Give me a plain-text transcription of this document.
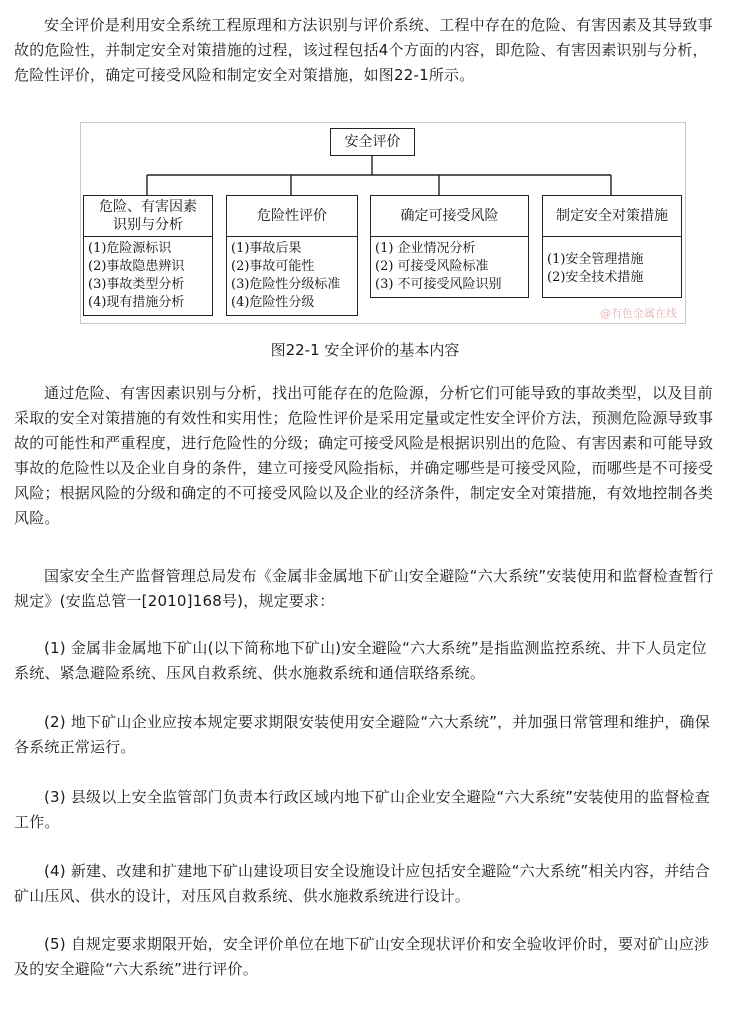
安全评价是利用安全系统工程原理和方法识别与评价系统、工程中存在的危险、有害因素及其导致事故的危险性，并制定安全对策措施的过程，该过程包括4个方面的内容，即危险、有害因素识别与分析，危险性评价，确定可接受风险和制定安全对策措施，如图22-1所示。

安全评价
危险、有害因素
识别与分析
(1)危险源标识
(2)事故隐患辨识
(3)事故类型分析
(4)现有措施分析
危险性评价
(1)事故后果
(2)事故可能性
(3)危险性分级标准
(4)危险性分级
确定可接受风险
(1) 企业情况分析
(2) 可接受风险标准
(3) 不可接受风险识别
制定安全对策措施
(1)安全管理措施
(2)安全技术措施
@有色金属在线
图22-1 安全评价的基本内容

通过危险、有害因素识别与分析，找出可能存在的危险源，分析它们可能导致的事故类型，以及目前采取的安全对策措施的有效性和实用性；危险性评价是采用定量或定性安全评价方法，预测危险源导致事故的可能性和严重程度，进行危险性的分级；确定可接受风险是根据识别出的危险、有害因素和可能导致事故的危险性以及企业自身的条件，建立可接受风险指标，并确定哪些是可接受风险，而哪些是不可接受风险；根据风险的分级和确定的不可接受风险以及企业的经济条件，制定安全对策措施，有效地控制各类风险。

国家安全生产监督管理总局发布《金属非金属地下矿山安全避险“六大系统”安装使用和监督检查暂行规定》(安监总管一[2010]168号)，规定要求：

(1) 金属非金属地下矿山(以下简称地下矿山)安全避险“六大系统”是指监测监控系统、井下人员定位系统、紧急避险系统、压风自救系统、供水施救系统和通信联络系统。

(2) 地下矿山企业应按本规定要求期限安装使用安全避险“六大系统”，并加强日常管理和维护，确保各系统正常运行。

(3) 县级以上安全监管部门负责本行政区域内地下矿山企业安全避险“六大系统”安装使用的监督检查工作。

(4) 新建、改建和扩建地下矿山建设项目安全设施设计应包括安全避险“六大系统”相关内容，并结合矿山压风、供水的设计，对压风自救系统、供水施救系统进行设计。

(5) 自规定要求期限开始，安全评价单位在地下矿山安全现状评价和安全验收评价时，要对矿山应涉及的安全避险“六大系统”进行评价。
